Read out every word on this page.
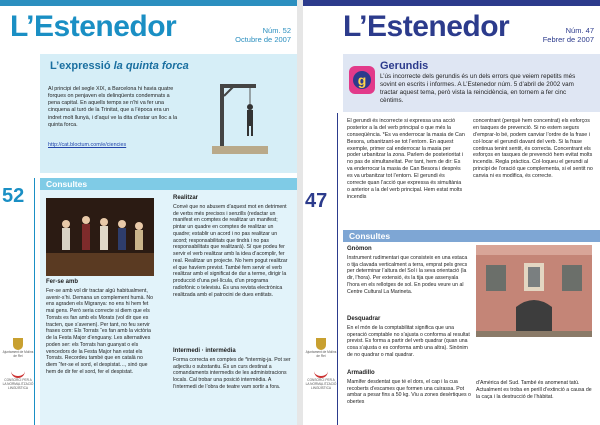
L’Estenedor	Núm. 52
Octubre de 2007
L’expressió la quinta forca
Al principi del segle XIX, a Barcelona hi havia quatre forques on penjaven els delinqüents condemnats a pena capital. En aquells temps se n’hi va fer una cinquena al turó de la Trinitat, que a l’època era un indret molt llunyà, i d’aquí ve la dita d’estar un lloc a la quinta forca.
http://cat.bloctum.com/e/ciencies
52
Consultes
Fer-se amb
Fer-se amb vol dir tractar algú habitualment, avenir-s’hi. Demana un complement humà. No ens agraden els Migranya: no ens hi hem fet mai gens. Però seria correcte si diem que els Torrats es fan amb els Morats (vol dir que es tracten, que s’avenen). Per tant, no feu servir frases com: Els Torrats “es fan amb la victòria de la Festa Major d’enguany. Les alternatives poden ser: els Torrats han guanyat o els vencedors de la Festa Major han estat els Torrats. Recordeu també que en català no diem “fer-se el sord, el despistat…, sinó que hem de dir fer el sord, fer el despistat.
Realitzar
Convé que no abusem d’aquest mot en detriment de verbs més precisos i senzills (redactar un manifest en comptes de realitzar un manifest; pintar un quadre en comptes de realitzar un quadre; establir un acord i no pas realitzar un acord; responsabilitats que tindrà i no pas responsabilitats que realitzarà). Sí que podeu fer servir el verb realitzar amb la idea d’acomplir, fer real. Realitzar un projecte. No hem pogut realitzar el que havíem previst. També fem servir el verb realitzar amb el significat de dur a terme, dirigir la producció d’una pel·lícula, d’un programa radiofònic o televisiu. És una revista electrònica realitzada amb el patrocini de dues entitats.
Intermedi · intermèdia
Forma correcta en comptes de *intermig-ja. Pot ser adjectiu o substantiu. És un curs destinat a comandaments intermedis de les administracions locals. Cal trobar una posició intermèdia. A l’intermedi de l’obra de teatre vam sortir a fora.
Ajuntament de Molins de Rei
CONSORCI PER A LA NORMALITZACIÓ LINGÜÍSTICA
L’Estenedor	Núm. 47
Febrer de 2007
g
Gerundis
L’ús incorrecte dels gerundis és un dels errors que veiem repetits més sovint en escrits i informes. A L’Estenedor núm. 5 d’abril de 2002 vam tractar aquest tema, però vista la reincidència, en tornem a fer cinc cèntims.
47
El gerundi és incorrecte si expressa una acció posterior a la del verb principal o que més la conseqüència. *Es va enderrocar la masia de Can Besora, urbanitzant-se tot l’entorn. En aquest exemple, primer cal enderrocar la masia per poder urbanitzar la zona. Parlem de posterioritat i no pas de simultaneïtat. Per tant, hem de dir: Es va enderrocar la masia de Can Besora i després es va urbanitzar tot l’entorn. El gerundi és correcte quan l’acció que expressa és simultània o anterior a la del verb principal. Hem estat molts incendis
concentrant (perquè hem concentrat) els esforços en tasques de prevenció. Si no estem segurs d’emprar-lo bé, podem canviar l’ordre de la frase i col·locar el gerundi davant del verb. Si la frase continua tenint sentit, és correcta. Concentrant els esforços en tasques de prevenció hem evitat molts incendis. Regla pràctica. Col·loqueu el gerundi al principi de l’oració que complementa, si el sentit no canvia ni es modifica, és correcte.
Consultes
Gnòmon
Instrument rudimentari que consisteix en una estaca o tija clavada verticalment a terra, emprat pels grecs per determinar l’altura del Sol i la seva orientació (la dir, l’hora). Per extensió, és la tija que assenyala l’hora en els rellotges de sol. En podeu veure un al Centre Cultural La Marineta.
Desquadrar
En el món de la comptabilitat significa que una operació comptable no s’ajusta o conforma al resultat previst. Es forma a partir del verb quadrar (quan una cosa s’ajusta o es conforma amb una altra). Sinònim de no quadrar o mal quadrar.
Armadillo
Mamífer desdentat que té el dors, el cap i la cua recoberts d’escames que formen una cuirassa. Pot ambar a pesar fins a 50 kg. Viu a zones desèrtiques o obertes
d’Amèrica del Sud. També és anomenat tatú. Actualment es troba en perill d’extinció a causa de la caça i la destrucció de l’hàbitat.
Ajuntament de Molins de Rei
CONSORCI PER A LA NORMALITZACIÓ LINGÜÍSTICA
